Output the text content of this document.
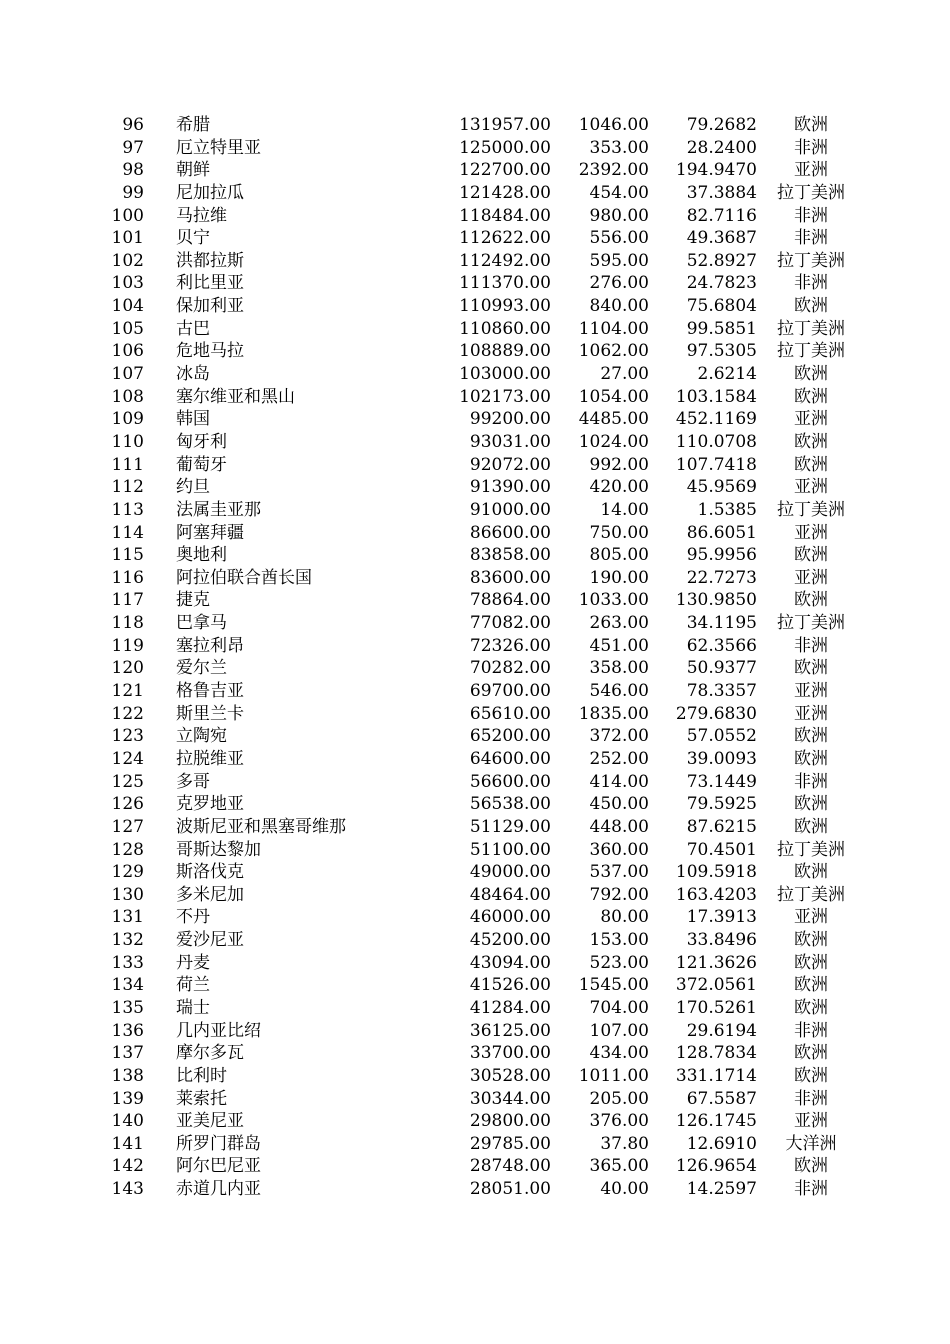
96 希腊	131957.00	1046.00	79.2682	欧洲
97 厄立特里亚	125000.00	353.00	28.2400	非洲
98 朝鲜	122700.00	2392.00	194.9470	亚洲
99 尼加拉瓜	121428.00	454.00	37.3884	拉丁美洲
100 马拉维	118484.00	980.00	82.7116	非洲
101 贝宁	112622.00	556.00	49.3687	非洲
102 洪都拉斯	112492.00	595.00	52.8927	拉丁美洲
103 利比里亚	111370.00	276.00	24.7823	非洲
104 保加利亚	110993.00	840.00	75.6804	欧洲
105 古巴	110860.00	1104.00	99.5851	拉丁美洲
106 危地马拉	108889.00	1062.00	97.5305	拉丁美洲
107 冰岛	103000.00	27.00	2.6214	欧洲
108 塞尔维亚和黑山	102173.00	1054.00	103.1584	欧洲
109 韩国	99200.00	4485.00	452.1169	亚洲
110 匈牙利	93031.00	1024.00	110.0708	欧洲
111 葡萄牙	92072.00	992.00	107.7418	欧洲
112 约旦	91390.00	420.00	45.9569	亚洲
113 法属圭亚那	91000.00	14.00	1.5385	拉丁美洲
114 阿塞拜疆	86600.00	750.00	86.6051	亚洲
115 奥地利	83858.00	805.00	95.9956	欧洲
116 阿拉伯联合酋长国	83600.00	190.00	22.7273	亚洲
117 捷克	78864.00	1033.00	130.9850	欧洲
118 巴拿马	77082.00	263.00	34.1195	拉丁美洲
119 塞拉利昂	72326.00	451.00	62.3566	非洲
120 爱尔兰	70282.00	358.00	50.9377	欧洲
121 格鲁吉亚	69700.00	546.00	78.3357	亚洲
122 斯里兰卡	65610.00	1835.00	279.6830	亚洲
123 立陶宛	65200.00	372.00	57.0552	欧洲
124 拉脱维亚	64600.00	252.00	39.0093	欧洲
125 多哥	56600.00	414.00	73.1449	非洲
126 克罗地亚	56538.00	450.00	79.5925	欧洲
127 波斯尼亚和黑塞哥维那	51129.00	448.00	87.6215	欧洲
128 哥斯达黎加	51100.00	360.00	70.4501	拉丁美洲
129 斯洛伐克	49000.00	537.00	109.5918	欧洲
130 多米尼加	48464.00	792.00	163.4203	拉丁美洲
131 不丹	46000.00	80.00	17.3913	亚洲
132 爱沙尼亚	45200.00	153.00	33.8496	欧洲
133 丹麦	43094.00	523.00	121.3626	欧洲
134 荷兰	41526.00	1545.00	372.0561	欧洲
135 瑞士	41284.00	704.00	170.5261	欧洲
136 几内亚比绍	36125.00	107.00	29.6194	非洲
137 摩尔多瓦	33700.00	434.00	128.7834	欧洲
138 比利时	30528.00	1011.00	331.1714	欧洲
139 莱索托	30344.00	205.00	67.5587	非洲
140 亚美尼亚	29800.00	376.00	126.1745	亚洲
141 所罗门群岛	29785.00	37.80	12.6910	大洋洲
142 阿尔巴尼亚	28748.00	365.00	126.9654	欧洲
143 赤道几内亚	28051.00	40.00	14.2597	非洲
